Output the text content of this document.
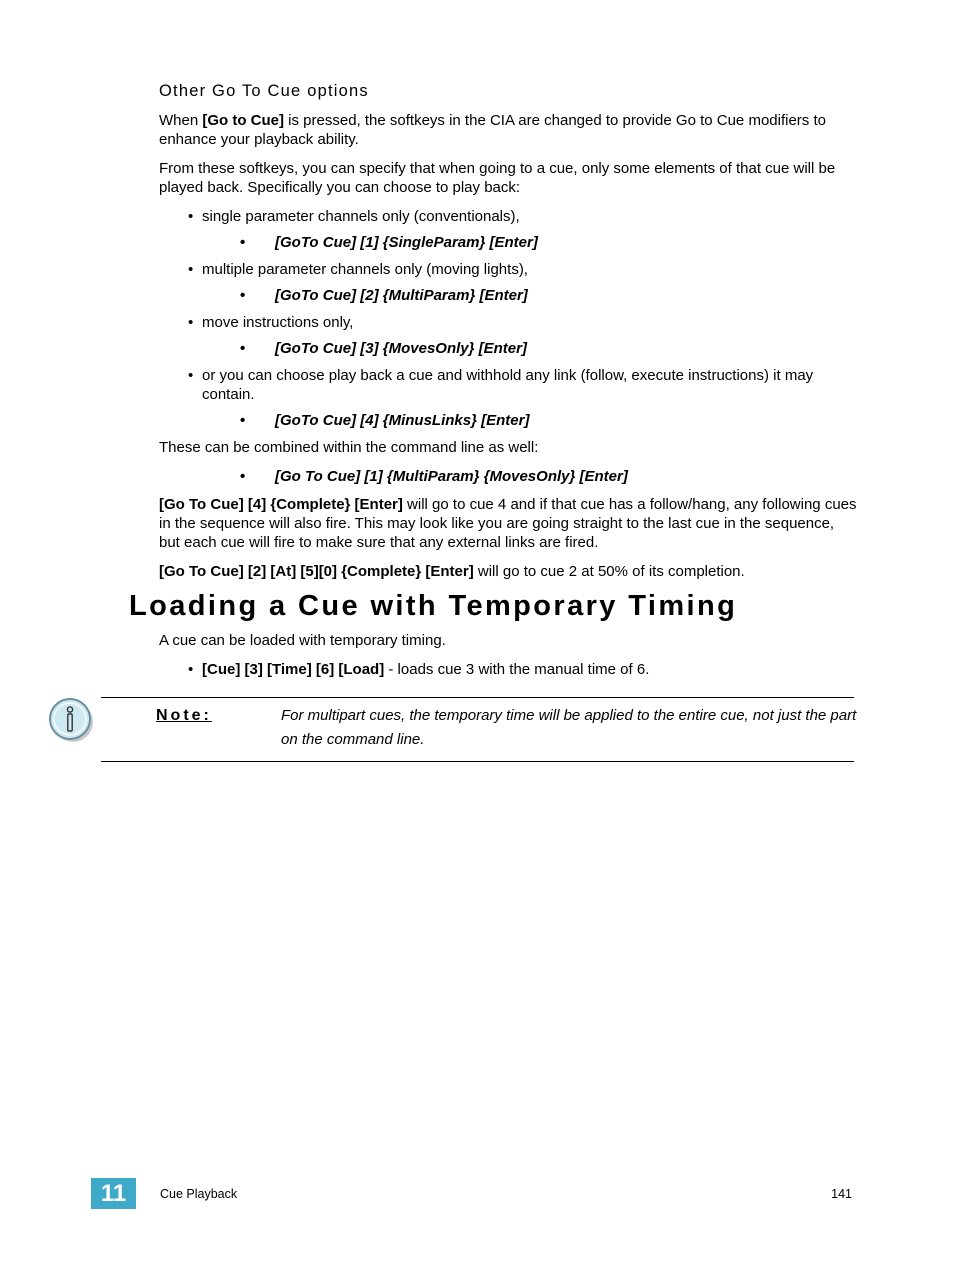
Other Go To Cue options

When [Go to Cue] is pressed, the softkeys in the CIA are changed to provide Go to Cue modifiers to enhance your playback ability.

From these softkeys, you can specify that when going to a cue, only some elements of that cue will be played back. Specifically you can choose to play back:

• single parameter channels only (conventionals),
• [GoTo Cue] [1] {SingleParam} [Enter]
• multiple parameter channels only (moving lights),
• [GoTo Cue] [2] {MultiParam} [Enter]
• move instructions only,
• [GoTo Cue] [3] {MovesOnly} [Enter]
• or you can choose play back a cue and withhold any link (follow, execute instructions) it may contain.
• [GoTo Cue] [4] {MinusLinks} [Enter]

These can be combined within the command line as well:

• [Go To Cue] [1] {MultiParam} {MovesOnly} [Enter]

[Go To Cue] [4] {Complete} [Enter] will go to cue 4 and if that cue has a follow/hang, any following cues in the sequence will also fire. This may look like you are going straight to the last cue in the sequence, but each cue will fire to make sure that any external links are fired.

[Go To Cue] [2] [At] [5][0] {Complete} [Enter] will go to cue 2 at 50% of its completion.

Loading a Cue with Temporary Timing

A cue can be loaded with temporary timing.

• [Cue] [3] [Time] [6] [Load] - loads cue 3 with the manual time of 6.
Note:	For multipart cues, the temporary time will be applied to the entire cue, not just the part on the command line.
11	Cue Playback	141
